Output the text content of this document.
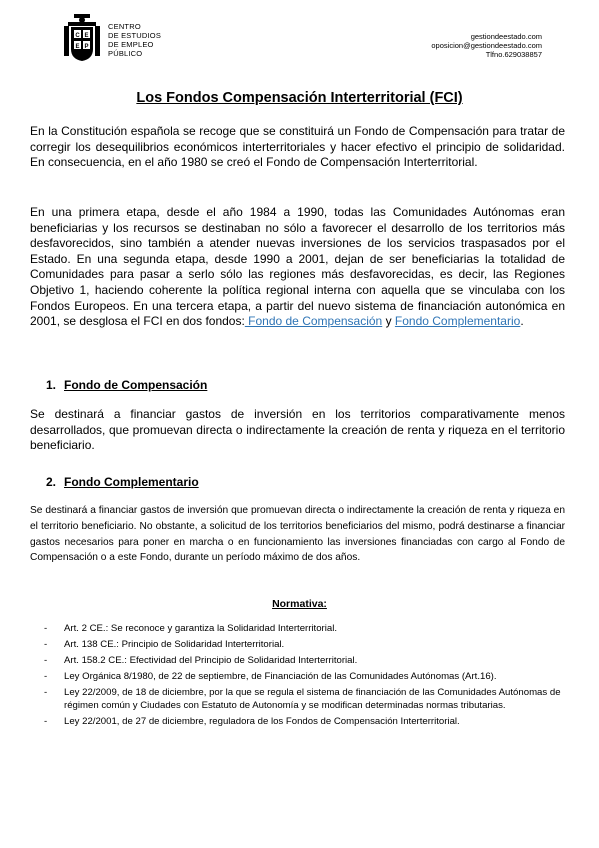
C E
E P
CENTRO
DE ESTUDIOS
DE EMPLEO
PÚBLICO
gestiondeestado.com
oposicion@gestiondeestado.com
Tlfno.629038857
Los Fondos Compensación Interterritorial (FCI)
En la Constitución española se recoge que se constituirá un Fondo de Compensación para tratar de corregir los desequilibrios económicos interterritoriales y hacer efectivo el principio de solidaridad. En consecuencia, en el año 1980 se creó el Fondo de Compensación Interterritorial.
En una primera etapa, desde el año 1984 a 1990, todas las Comunidades Autónomas eran beneficiarias y los recursos se destinaban no sólo a favorecer el desarrollo de los territorios más desfavorecidos, sino también a atender nuevas inversiones de los servicios traspasados por el Estado. En una segunda etapa, desde 1990 a 2001, dejan de ser beneficiarias la totalidad de Comunidades para pasar a serlo sólo las regiones más desfavorecidas, es decir, las Regiones Objetivo 1, haciendo coherente la política regional interna con aquella que se vinculaba con los Fondos Europeos. En una tercera etapa, a partir del nuevo sistema de financiación autonómica en 2001, se desglosa el FCI en dos fondos: Fondo de Compensación y Fondo Complementario.
1. Fondo de Compensación
Se destinará a financiar gastos de inversión en los territorios comparativamente menos desarrollados, que promuevan directa o indirectamente la creación de renta y riqueza en el territorio beneficiario.
2. Fondo Complementario
Se destinará a financiar gastos de inversión que promuevan directa o indirectamente la creación de renta y riqueza en el territorio beneficiario. No obstante, a solicitud de los territorios beneficiarios del mismo, podrá destinarse a financiar gastos necesarios para poner en marcha o en funcionamiento las inversiones financiadas con cargo al Fondo de Compensación o a este Fondo, durante un período máximo de dos años.
Normativa:
- Art. 2 CE.: Se reconoce y garantiza la Solidaridad Interterritorial.
- Art. 138 CE.: Principio de Solidaridad Interterritorial.
- Art. 158.2 CE.: Efectividad del Principio de Solidaridad Interterritorial.
- Ley Orgánica 8/1980, de 22 de septiembre, de Financiación de las Comunidades Autónomas (Art.16).
- Ley 22/2009, de 18 de diciembre, por la que se regula el sistema de financiación de las Comunidades Autónomas de régimen común y Ciudades con Estatuto de Autonomía y se modifican determinadas normas tributarias.
- Ley 22/2001, de 27 de diciembre, reguladora de los Fondos de Compensación Interterritorial.
